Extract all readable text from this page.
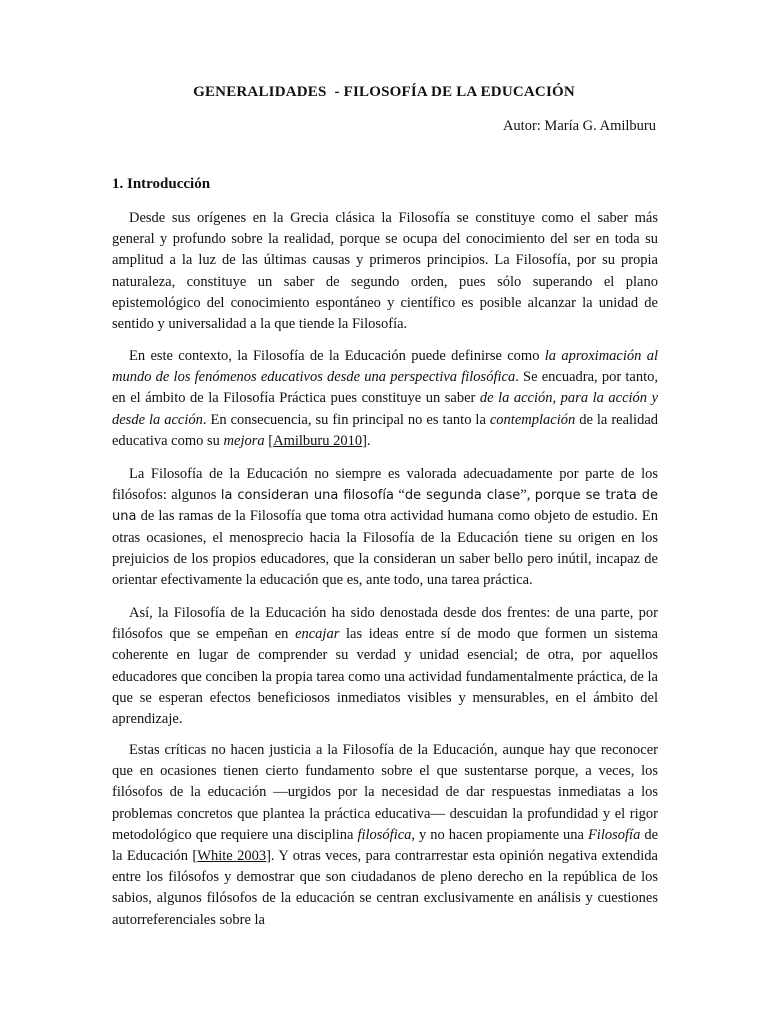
GENERALIDADES  - FILOSOFÍA DE LA EDUCACIÓN
Autor: María G. Amilburu
1. Introducción

Desde sus orígenes en la Grecia clásica la Filosofía se constituye como el saber más general y profundo sobre la realidad, porque se ocupa del conocimiento del ser en toda su amplitud a la luz de las últimas causas y primeros principios. La Filosofía, por su propia naturaleza, constituye un saber de segundo orden, pues sólo superando el plano epistemológico del conocimiento espontáneo y científico es posible alcanzar la unidad de sentido y universalidad a la que tiende la Filosofía.

En este contexto, la Filosofía de la Educación puede definirse como la aproximación al mundo de los fenómenos educativos desde una perspectiva filosófica. Se encuadra, por tanto, en el ámbito de la Filosofía Práctica pues constituye un saber de la acción, para la acción y desde la acción. En consecuencia, su fin principal no es tanto la contemplación de la realidad educativa como su mejora [Amilburu 2010].

La Filosofía de la Educación no siempre es valorada adecuadamente por parte de los filósofos: algunos la consideran una filosofía “de segunda clase”, porque se trata de una de las ramas de la Filosofía que toma otra actividad humana como objeto de estudio. En otras ocasiones, el menosprecio hacia la Filosofía de la Educación tiene su origen en los prejuicios de los propios educadores, que la consideran un saber bello pero inútil, incapaz de orientar efectivamente la educación que es, ante todo, una tarea práctica.

Así, la Filosofía de la Educación ha sido denostada desde dos frentes: de una parte, por filósofos que se empeñan en encajar las ideas entre sí de modo que formen un sistema coherente en lugar de comprender su verdad y unidad esencial; de otra, por aquellos educadores que conciben la propia tarea como una actividad fundamentalmente práctica, de la que se esperan efectos beneficiosos inmediatos visibles y mensurables, en el ámbito del aprendizaje.

Estas críticas no hacen justicia a la Filosofía de la Educación, aunque hay que reconocer que en ocasiones tienen cierto fundamento sobre el que sustentarse porque, a veces, los filósofos de la educación —urgidos por la necesidad de dar respuestas inmediatas a los problemas concretos que plantea la práctica educativa— descuidan la profundidad y el rigor metodológico que requiere una disciplina filosófica, y no hacen propiamente una Filosofía de la Educación [White 2003]. Y otras veces, para contrarrestar esta opinión negativa extendida entre los filósofos y demostrar que son ciudadanos de pleno derecho en la república de los sabios, algunos filósofos de la educación se centran exclusivamente en análisis y cuestiones autorreferenciales sobre la
